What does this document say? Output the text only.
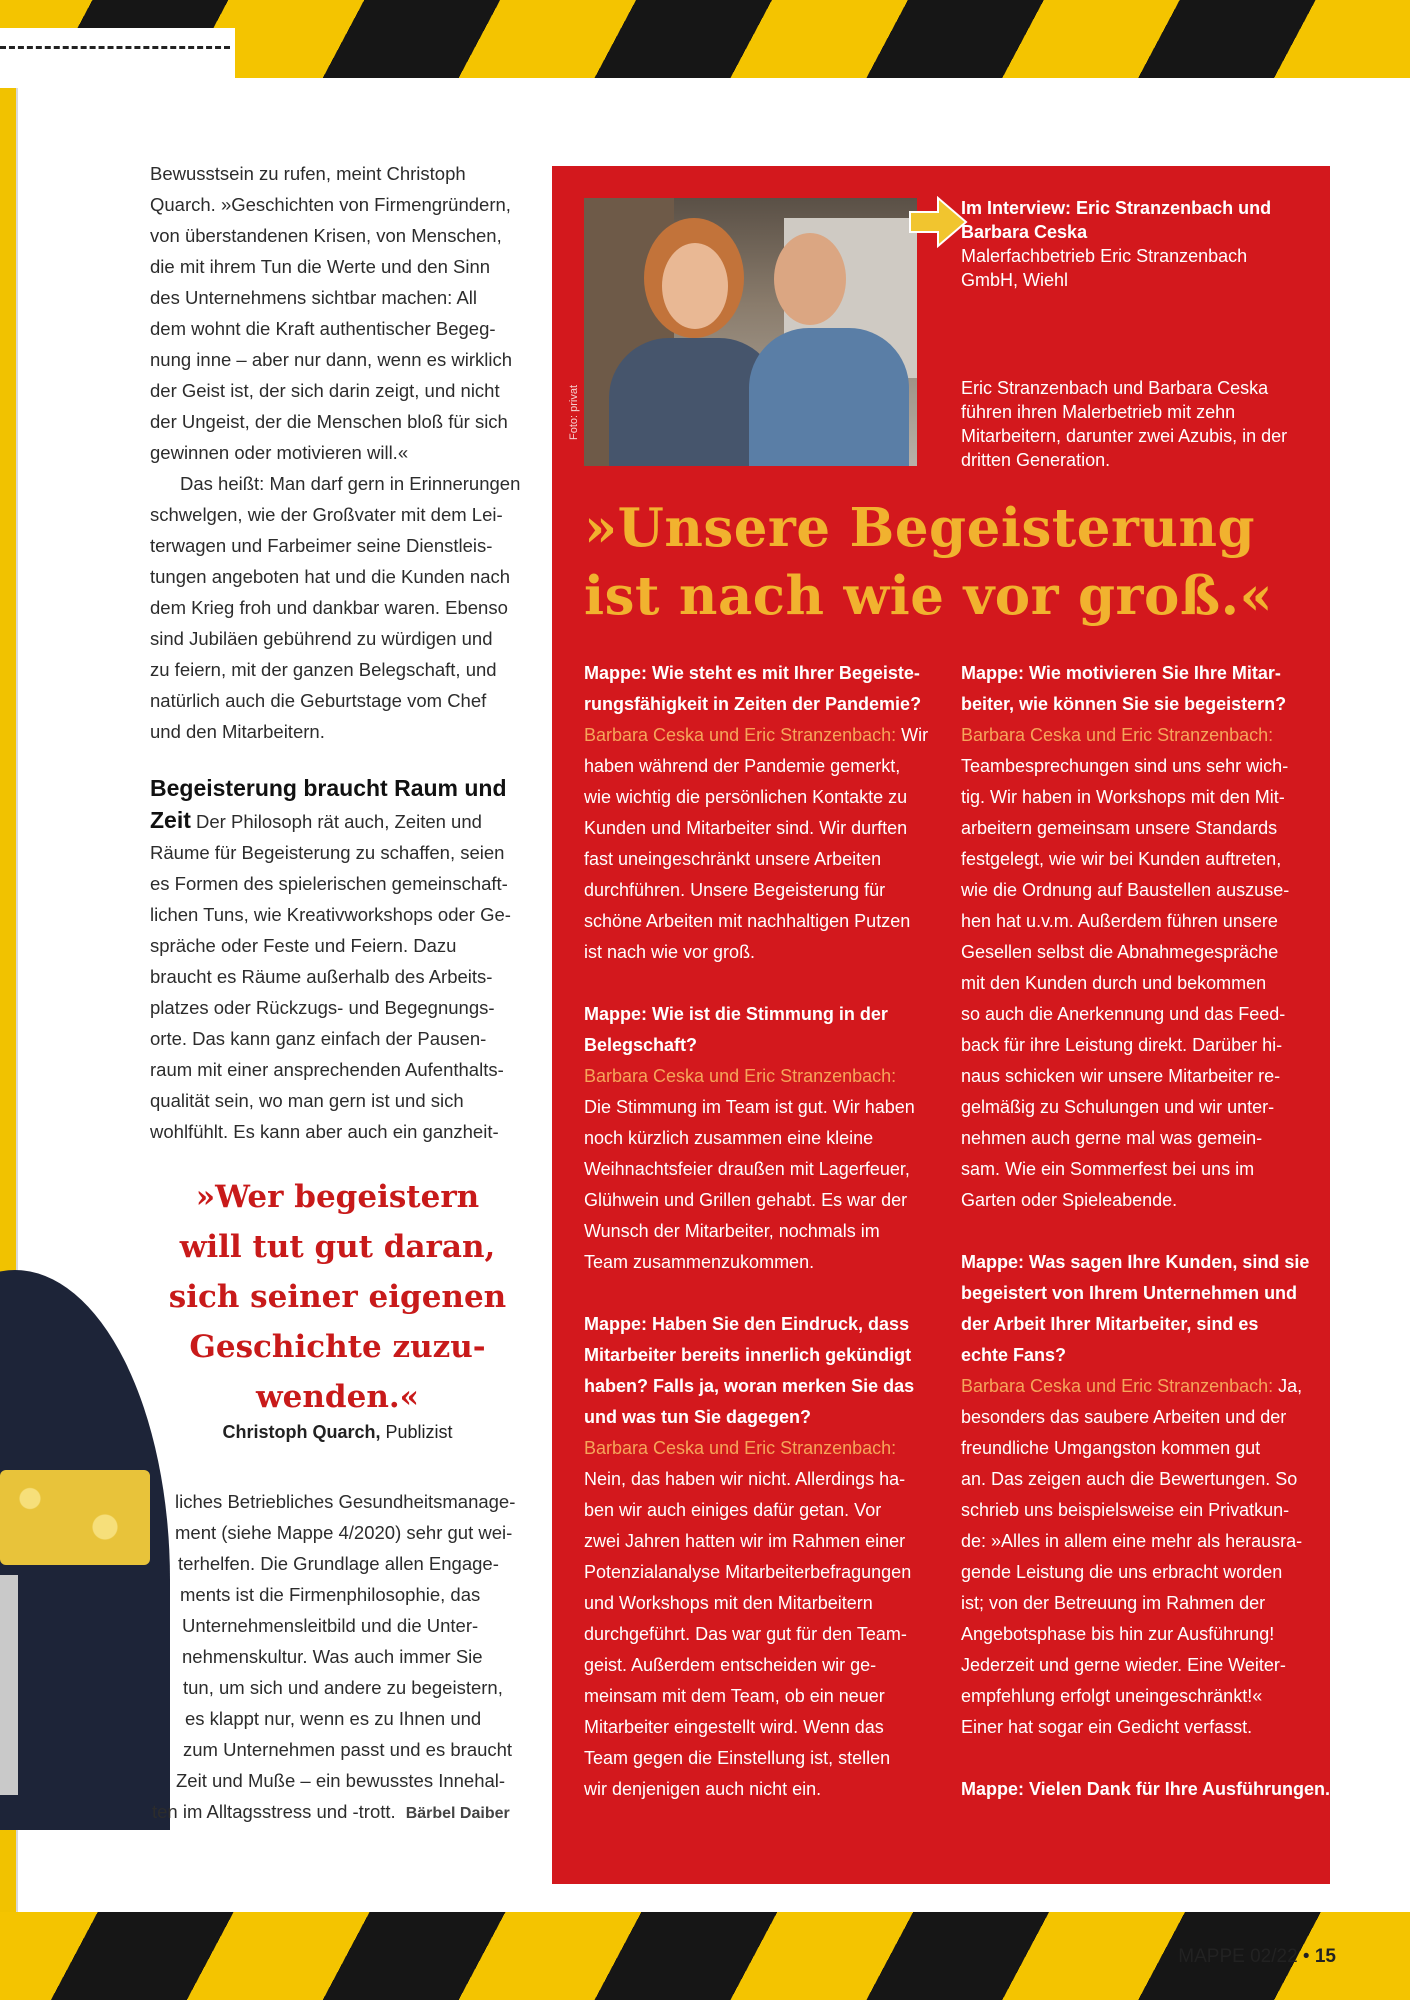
Bewusstsein zu rufen, meint Christoph
Quarch. »Geschichten von Firmengründern,
von überstandenen Krisen, von Menschen,
die mit ihrem Tun die Werte und den Sinn
des Unternehmens sichtbar machen: All
dem wohnt die Kraft authentischer Begeg-
nung inne – aber nur dann, wenn es wirklich
der Geist ist, der sich darin zeigt, und nicht
der Ungeist, der die Menschen bloß für sich
gewinnen oder motivieren will.«

Das heißt: Man darf gern in Erinnerungen
schwelgen, wie der Großvater mit dem Lei-
terwagen und Farbeimer seine Dienstleis-
tungen angeboten hat und die Kunden nach
dem Krieg froh und dankbar waren. Ebenso
sind Jubiläen gebührend zu würdigen und
zu feiern, mit der ganzen Belegschaft, und
natürlich auch die Geburtstage vom Chef
und den Mitarbeitern.

Begeisterung braucht Raum und
Zeit Der Philosoph rät auch, Zeiten und
Räume für Begeisterung zu schaffen, seien
es Formen des spielerischen gemeinschaft-
lichen Tuns, wie Kreativworkshops oder Ge-
spräche oder Feste und Feiern. Dazu
braucht es Räume außerhalb des Arbeits-
platzes oder Rückzugs- und Begegnungs-
orte. Das kann ganz einfach der Pausen-
raum mit einer ansprechenden Aufenthalts-
qualität sein, wo man gern ist und sich
wohlfühlt. Es kann aber auch ein ganzheit-

»Wer begeistern
will tut gut daran,
sich seiner eigenen
Geschichte zuzu-
wenden.«

Christoph Quarch, Publizist
liches Betriebliches Gesundheitsmanage-
ment (siehe Mappe 4/2020) sehr gut wei-
terhelfen. Die Grundlage allen Engage-
ments ist die Firmenphilosophie, das
Unternehmensleitbild und die Unter-
nehmenskultur. Was auch immer Sie
tun, um sich und andere zu begeistern,
es klappt nur, wenn es zu Ihnen und
zum Unternehmen passt und es braucht
Zeit und Muße – ein bewusstes Innehal-
ten im Alltagsstress und -trott. Bärbel Daiber
Foto: privat
Im Interview: Eric Stranzenbach und Barbara Ceska
Malerfachbetrieb Eric Stranzenbach GmbH, Wiehl
Eric Stranzenbach und Barbara Ceska führen ihren Malerbetrieb mit zehn Mitarbeitern, darunter zwei Azubis, in der dritten Generation.
»Unsere Begeisterung
ist nach wie vor groß.«
Mappe: Wie steht es mit Ihrer Begeiste-
rungsfähigkeit in Zeiten der Pandemie?
Barbara Ceska und Eric Stranzenbach: Wir
haben während der Pandemie gemerkt,
wie wichtig die persönlichen Kontakte zu
Kunden und Mitarbeiter sind. Wir durften
fast uneingeschränkt unsere Arbeiten
durchführen. Unsere Begeisterung für
schöne Arbeiten mit nachhaltigen Putzen
ist nach wie vor groß.
Mappe: Wie ist die Stimmung in der
Belegschaft?
Barbara Ceska und Eric Stranzenbach:
Die Stimmung im Team ist gut. Wir haben
noch kürzlich zusammen eine kleine
Weihnachtsfeier draußen mit Lagerfeuer,
Glühwein und Grillen gehabt. Es war der
Wunsch der Mitarbeiter, nochmals im
Team zusammenzukommen.
Mappe: Haben Sie den Eindruck, dass
Mitarbeiter bereits innerlich gekündigt
haben? Falls ja, woran merken Sie das
und was tun Sie dagegen?
Barbara Ceska und Eric Stranzenbach:
Nein, das haben wir nicht. Allerdings ha-
ben wir auch einiges dafür getan. Vor
zwei Jahren hatten wir im Rahmen einer
Potenzialanalyse Mitarbeiterbefragungen
und Workshops mit den Mitarbeitern
durchgeführt. Das war gut für den Team-
geist. Außerdem entscheiden wir ge-
meinsam mit dem Team, ob ein neuer
Mitarbeiter eingestellt wird. Wenn das
Team gegen die Einstellung ist, stellen
wir denjenigen auch nicht ein.
Mappe: Wie motivieren Sie Ihre Mitar-
beiter, wie können Sie sie begeistern?
Barbara Ceska und Eric Stranzenbach:
Teambesprechungen sind uns sehr wich-
tig. Wir haben in Workshops mit den Mit-
arbeitern gemeinsam unsere Standards
festgelegt, wie wir bei Kunden auftreten,
wie die Ordnung auf Baustellen auszuse-
hen hat u.v.m. Außerdem führen unsere
Gesellen selbst die Abnahmegespräche
mit den Kunden durch und bekommen
so auch die Anerkennung und das Feed-
back für ihre Leistung direkt. Darüber hi-
naus schicken wir unsere Mitarbeiter re-
gelmäßig zu Schulungen und wir unter-
nehmen auch gerne mal was gemein-
sam. Wie ein Sommerfest bei uns im
Garten oder Spieleabende.
Mappe: Was sagen Ihre Kunden, sind sie
begeistert von Ihrem Unternehmen und
der Arbeit Ihrer Mitarbeiter, sind es
echte Fans?
Barbara Ceska und Eric Stranzenbach: Ja,
besonders das saubere Arbeiten und der
freundliche Umgangston kommen gut
an. Das zeigen auch die Bewertungen. So
schrieb uns beispielsweise ein Privatkun-
de: »Alles in allem eine mehr als herausra-
gende Leistung die uns erbracht worden
ist; von der Betreuung im Rahmen der
Angebotsphase bis hin zur Ausführung!
Jederzeit und gerne wieder. Eine Weiter-
empfehlung erfolgt uneingeschränkt!«
Einer hat sogar ein Gedicht verfasst.
Mappe: Vielen Dank für Ihre Ausführungen.
MAPPE 02/22 • 15
